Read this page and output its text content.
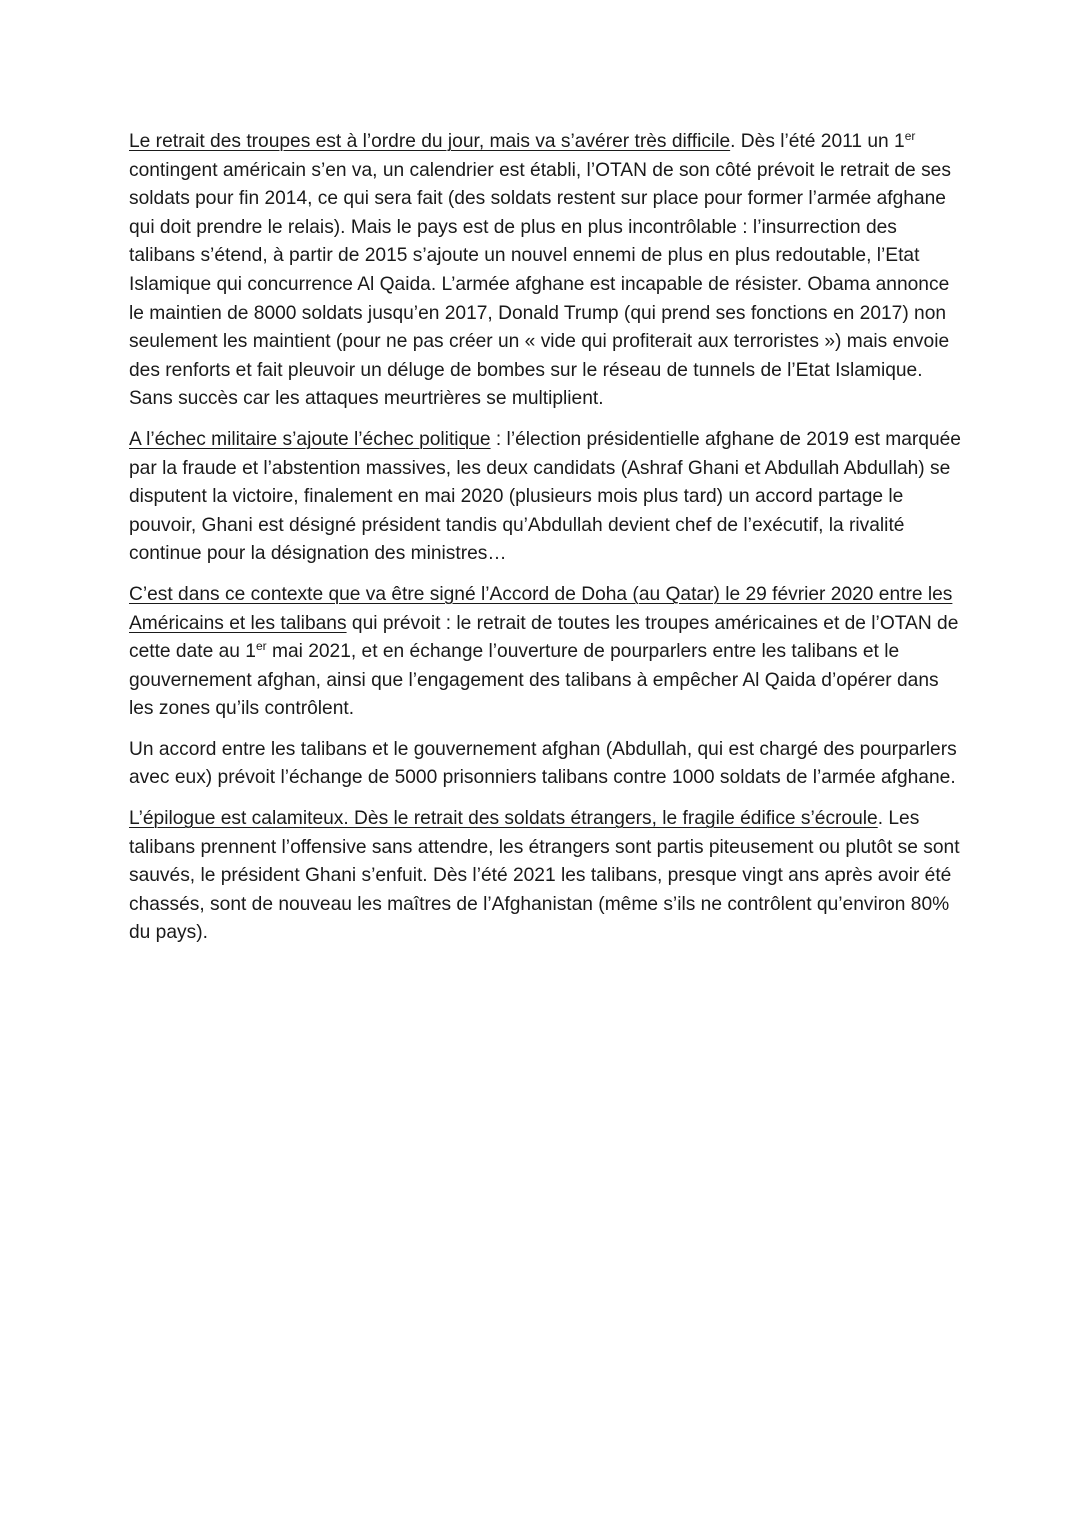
Le retrait des troupes est à l’ordre du jour, mais va s’avérer très difficile. Dès l’été 2011 un 1er contingent américain s’en va, un calendrier est établi, l’OTAN de son côté prévoit le retrait de ses soldats pour fin 2014, ce qui sera fait (des soldats restent sur place pour former l’armée afghane qui doit prendre le relais). Mais le pays est de plus en plus incontrôlable : l’insurrection des talibans s’étend, à partir de 2015 s’ajoute un nouvel ennemi de plus en plus redoutable, l’Etat Islamique qui concurrence Al Qaida. L’armée afghane est incapable de résister. Obama annonce le maintien de 8000 soldats jusqu’en 2017, Donald Trump (qui prend ses fonctions en 2017) non seulement les maintient (pour ne pas créer un « vide qui profiterait aux terroristes ») mais envoie des renforts et fait pleuvoir un déluge de bombes sur le réseau de tunnels de l’Etat Islamique. Sans succès car les attaques meurtrières se multiplient.

A l’échec militaire s’ajoute l’échec politique : l’élection présidentielle afghane de 2019 est marquée par la fraude et l’abstention massives, les deux candidats (Ashraf Ghani et Abdullah Abdullah) se disputent la victoire, finalement en mai 2020 (plusieurs mois plus tard) un accord partage le pouvoir, Ghani est désigné président tandis qu’Abdullah devient chef de l’exécutif, la rivalité continue pour la désignation des ministres…

C’est dans ce contexte que va être signé l’Accord de Doha (au Qatar) le 29 février 2020 entre les Américains et les talibans qui prévoit : le retrait de toutes les troupes américaines et de l’OTAN de cette date au 1er mai 2021, et en échange l’ouverture de pourparlers entre les talibans et le gouvernement afghan, ainsi que l’engagement des talibans à empêcher Al Qaida d’opérer dans les zones qu’ils contrôlent.

Un accord entre les talibans et le gouvernement afghan (Abdullah, qui est chargé des pourparlers avec eux) prévoit l’échange de 5000 prisonniers talibans contre 1000 soldats de l’armée afghane.

L’épilogue est calamiteux. Dès le retrait des soldats étrangers, le fragile édifice s’écroule. Les talibans prennent l’offensive sans attendre, les étrangers sont partis piteusement ou plutôt se sont sauvés, le président Ghani s’enfuit. Dès l’été 2021 les talibans, presque vingt ans après avoir été chassés, sont de nouveau les maîtres de l’Afghanistan (même s’ils ne contrôlent qu’environ 80% du pays).
